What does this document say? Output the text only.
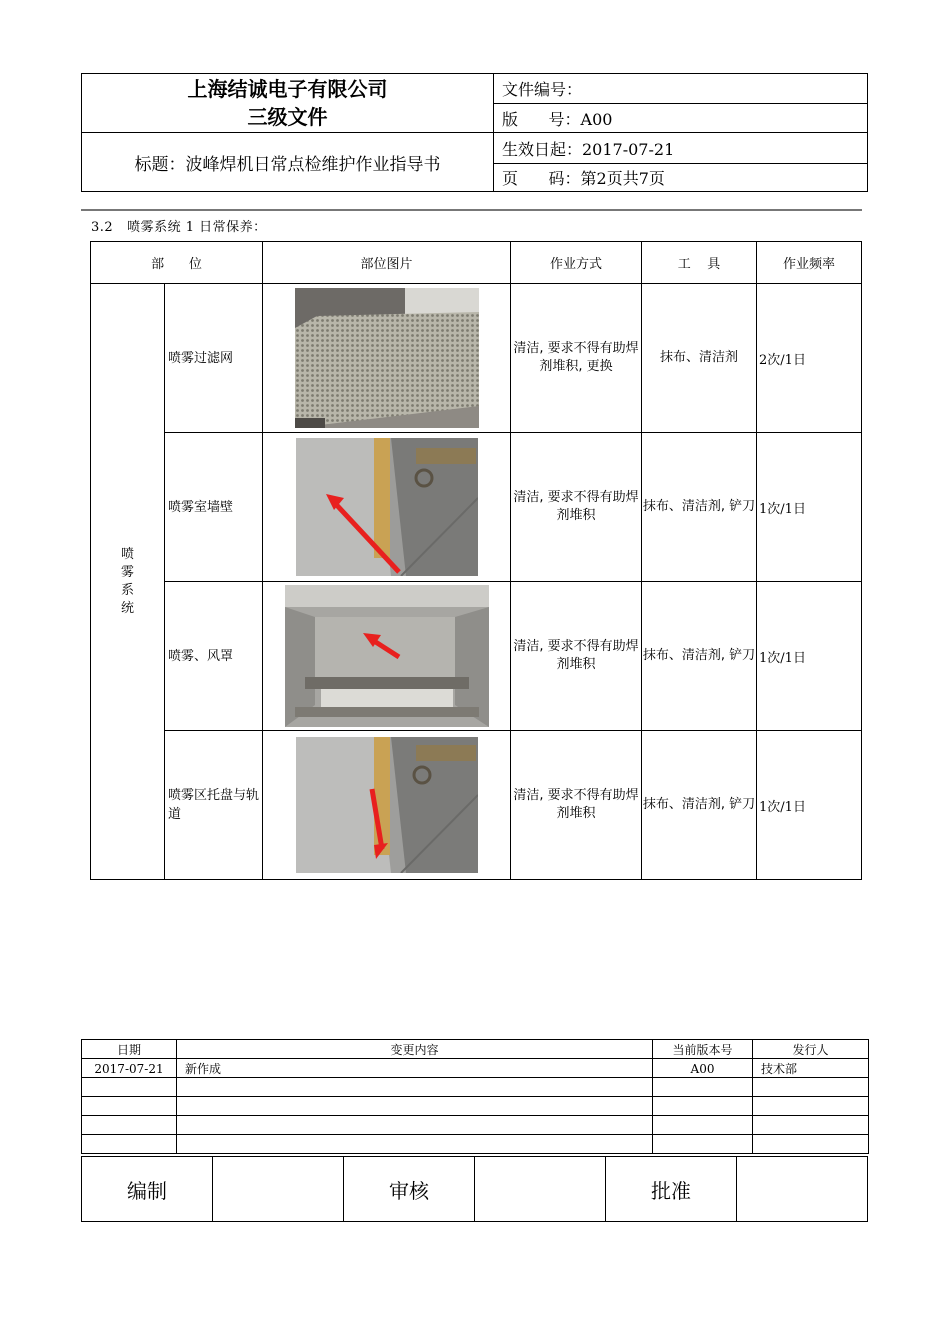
上海结诚电子有限公司
三级文件	文件编号：
	版      号：A00
标题：波峰焊机日常点检维护作业指导书	生效日起：2017-07-21
	页      码：第2页共7页
3.2   喷雾系统 1 日常保养：
部      位		部位图片	作业方式	工    具	作业频率
喷
雾
系
统	喷雾过滤网		清洁, 要求不得有助焊剂堆积, 更换	抹布、清洁剂	2次/1日
	喷雾室墙壁		清洁, 要求不得有助焊剂堆积	抹布、清洁剂, 铲刀	1次/1日
	喷雾、风罩		清洁, 要求不得有助焊剂堆积	抹布、清洁剂, 铲刀	1次/1日
	喷雾区托盘与轨道		清洁, 要求不得有助焊剂堆积	抹布、清洁剂, 铲刀	1次/1日
日期	变更内容	当前版本号	发行人
2017-07-21	新作成	A00	技术部

编制		审核		批准	
